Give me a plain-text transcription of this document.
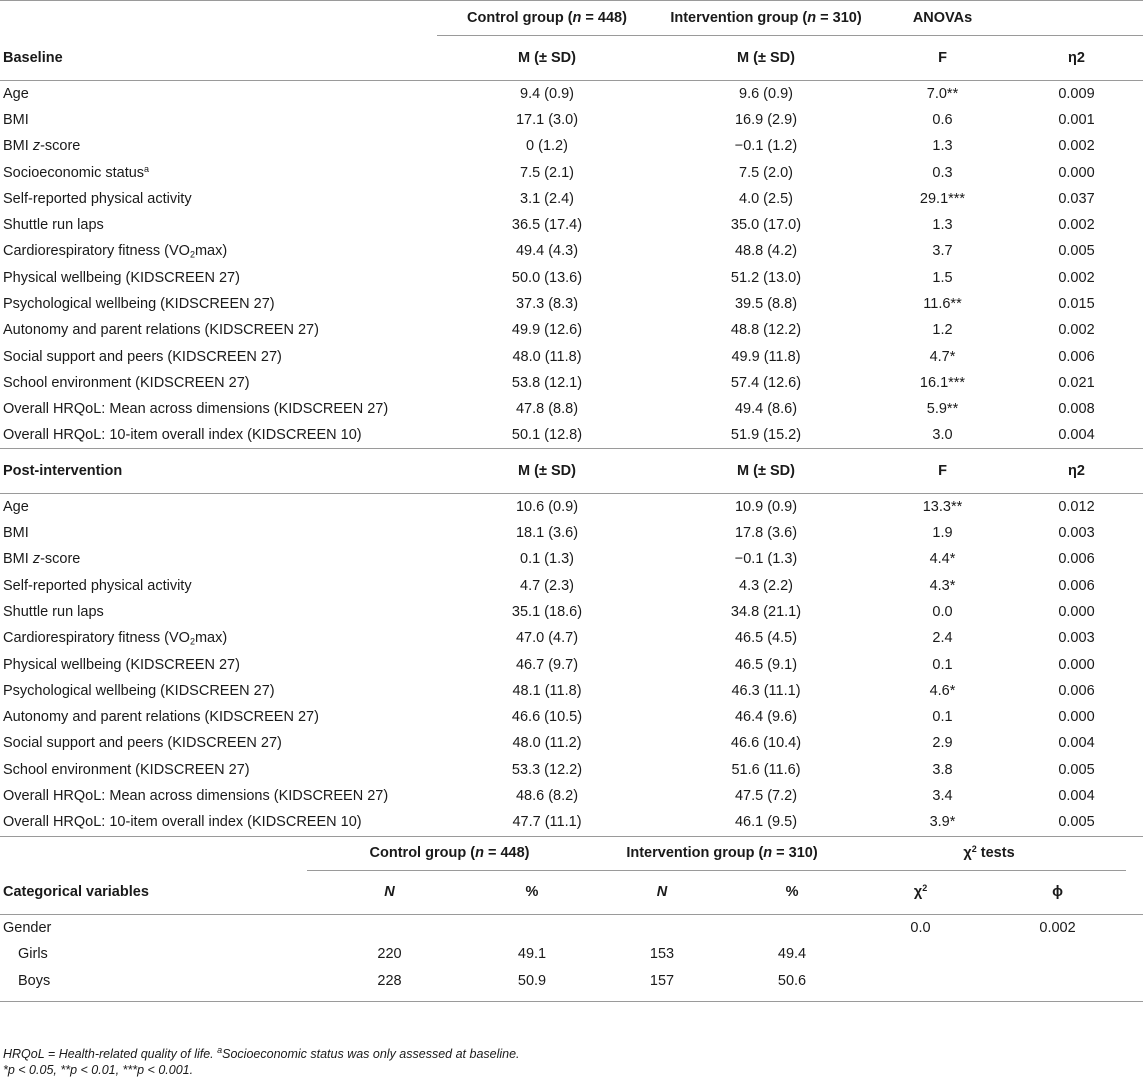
	Control group (n = 448)	Intervention group (n = 310)	ANOVAs	
Baseline	M (± SD)	M (± SD)	F	η2
Age	9.4 (0.9)	9.6 (0.9)	7.0**	0.009
BMI	17.1 (3.0)	16.9 (2.9)	0.6	0.001
BMI z-score	0 (1.2)	−0.1 (1.2)	1.3	0.002
Socioeconomic status$^a$	7.5 (2.1)	7.5 (2.0)	0.3	0.000
Self-reported physical activity	3.1 (2.4)	4.0 (2.5)	29.1***	0.037
Shuttle run laps	36.5 (17.4)	35.0 (17.0)	1.3	0.002
Cardiorespiratory fitness $(VO_2\max)$	49.4 (4.3)	48.8 (4.2)	3.7	0.005
Physical wellbeing (KIDSCREEN 27)	50.0 (13.6)	51.2 (13.0)	1.5	0.002
Psychological wellbeing (KIDSCREEN 27)	37.3 (8.3)	39.5 (8.8)	11.6**	0.015
Autonomy and parent relations (KIDSCREEN 27)	49.9 (12.6)	48.8 (12.2)	1.2	0.002
Social support and peers (KIDSCREEN 27)	48.0 (11.8)	49.9 (11.8)	4.7*	0.006
School environment (KIDSCREEN 27)	53.8 (12.1)	57.4 (12.6)	16.1***	0.021
Overall HRQoL: Mean across dimensions (KIDSCREEN 27)	47.8 (8.8)	49.4 (8.6)	5.9**	0.008
Overall HRQoL: 10-item overall index (KIDSCREEN 10)	50.1 (12.8)	51.9 (15.2)	3.0	0.004
Post-intervention	M (± SD)	M (± SD)	F	η2
Age	10.6 (0.9)	10.9 (0.9)	13.3**	0.012
BMI	18.1 (3.6)	17.8 (3.6)	1.9	0.003
BMI z-score	0.1 (1.3)	−0.1 (1.3)	4.4*	0.006
Self-reported physical activity	4.7 (2.3)	4.3 (2.2)	4.3*	0.006
Shuttle run laps	35.1 (18.6)	34.8 (21.1)	0.0	0.000
Cardiorespiratory fitness $(VO_2\max)$	47.0 (4.7)	46.5 (4.5)	2.4	0.003
Physical wellbeing (KIDSCREEN 27)	46.7 (9.7)	46.5 (9.1)	0.1	0.000
Psychological wellbeing (KIDSCREEN 27)	48.1 (11.8)	46.3 (11.1)	4.6*	0.006
Autonomy and parent relations (KIDSCREEN 27)	46.6 (10.5)	46.4 (9.6)	0.1	0.000
Social support and peers (KIDSCREEN 27)	48.0 (11.2)	46.6 (10.4)	2.9	0.004
School environment (KIDSCREEN 27)	53.3 (12.2)	51.6 (11.6)	3.8	0.005
Overall HRQoL: Mean across dimensions (KIDSCREEN 27)	48.6 (8.2)	47.5 (7.2)	3.4	0.004
Overall HRQoL: 10-item overall index (KIDSCREEN 10)	47.7 (11.1)	46.1 (9.5)	3.9*	0.005
	Control group (n = 448)		Intervention group (n = 310)		$\chi^2$ tests		
Categorical variables	N	%	N	%	$\chi^2$	ϕ	
Gender					0.0	0.002	
Girls	220	49.1	153	49.4			
Boys	228	50.9	157	50.6			

HRQoL = Health-related quality of life. $^a$Socioeconomic status was only assessed at baseline.
*p < 0.05, **p < 0.01, ***p < 0.001.
